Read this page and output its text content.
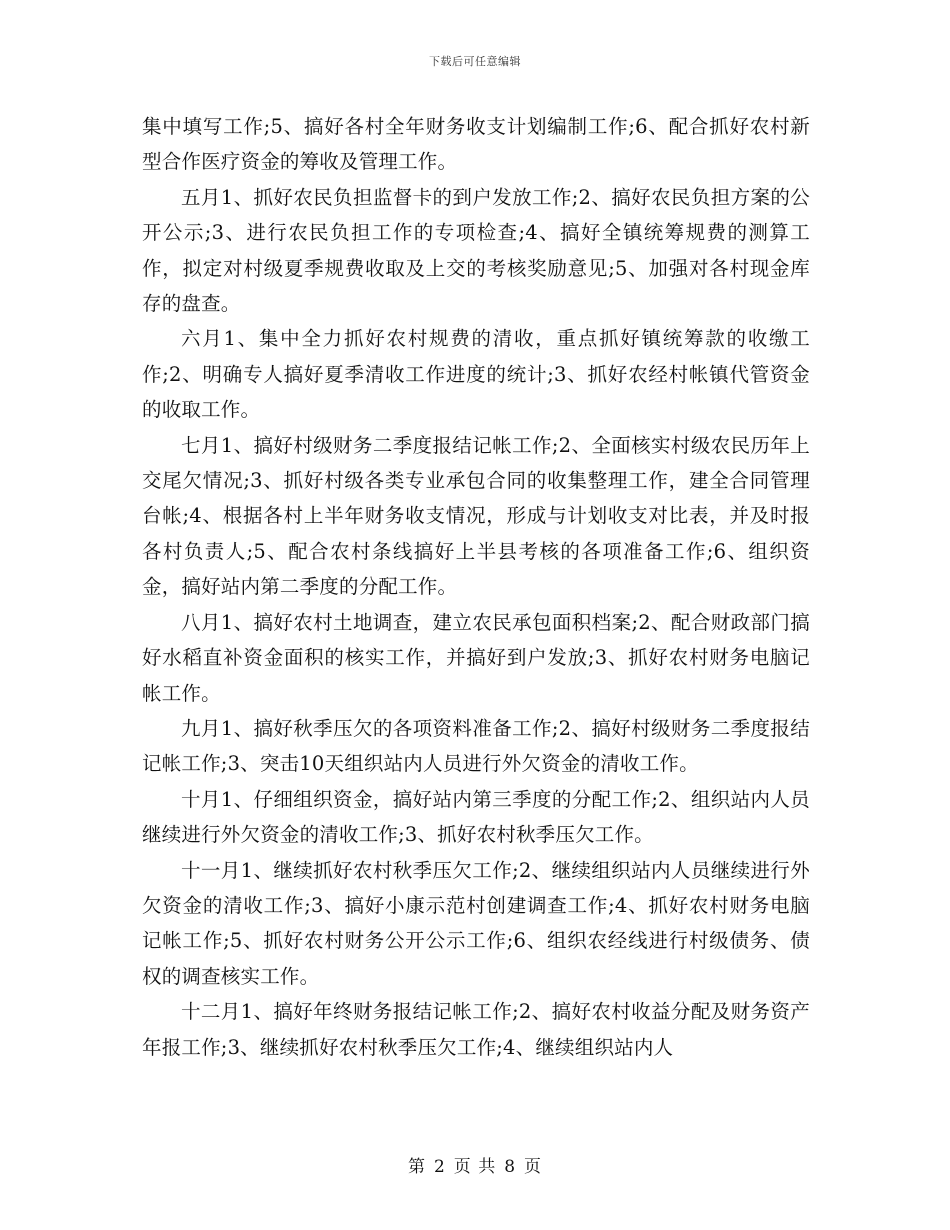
下载后可任意编辑

集中填写工作;5、搞好各村全年财务收支计划编制工作;6、配合抓好农村新型合作医疗资金的筹收及管理工作。

五月1、抓好农民负担监督卡的到户发放工作;2、搞好农民负担方案的公开公示;3、进行农民负担工作的专项检查;4、搞好全镇统筹规费的测算工作，拟定对村级夏季规费收取及上交的考核奖励意见;5、加强对各村现金库存的盘查。

六月1、集中全力抓好农村规费的清收，重点抓好镇统筹款的收缴工作;2、明确专人搞好夏季清收工作进度的统计;3、抓好农经村帐镇代管资金的收取工作。

七月1、搞好村级财务二季度报结记帐工作;2、全面核实村级农民历年上交尾欠情况;3、抓好村级各类专业承包合同的收集整理工作，建全合同管理台帐;4、根据各村上半年财务收支情况，形成与计划收支对比表，并及时报各村负责人;5、配合农村条线搞好上半县考核的各项准备工作;6、组织资金，搞好站内第二季度的分配工作。

八月1、搞好农村土地调查，建立农民承包面积档案;2、配合财政部门搞好水稻直补资金面积的核实工作，并搞好到户发放;3、抓好农村财务电脑记帐工作。

九月1、搞好秋季压欠的各项资料准备工作;2、搞好村级财务二季度报结记帐工作;3、突击10天组织站内人员进行外欠资金的清收工作。

十月1、仔细组织资金，搞好站内第三季度的分配工作;2、组织站内人员继续进行外欠资金的清收工作;3、抓好农村秋季压欠工作。

十一月1、继续抓好农村秋季压欠工作;2、继续组织站内人员继续进行外欠资金的清收工作;3、搞好小康示范村创建调查工作;4、抓好农村财务电脑记帐工作;5、抓好农村财务公开公示工作;6、组织农经线进行村级债务、债权的调查核实工作。

十二月1、搞好年终财务报结记帐工作;2、搞好农村收益分配及财务资产年报工作;3、继续抓好农村秋季压欠工作;4、继续组织站内人

第 2 页 共 8 页
